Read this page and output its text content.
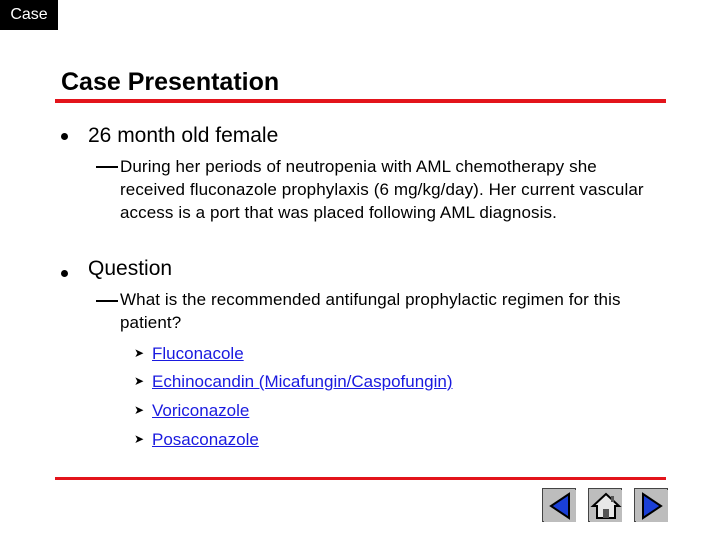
Case
Case Presentation
26 month old female
During her periods of neutropenia with AML chemotherapy she received fluconazole prophylaxis (6 mg/kg/day). Her current vascular access is a port that was placed following AML diagnosis.
Question
What is the recommended antifungal prophylactic regimen for this patient?
➤ Fluconacole
➤ Echinocandin (Micafungin/Caspofungin)
➤ Voriconazole
➤ Posaconazole
